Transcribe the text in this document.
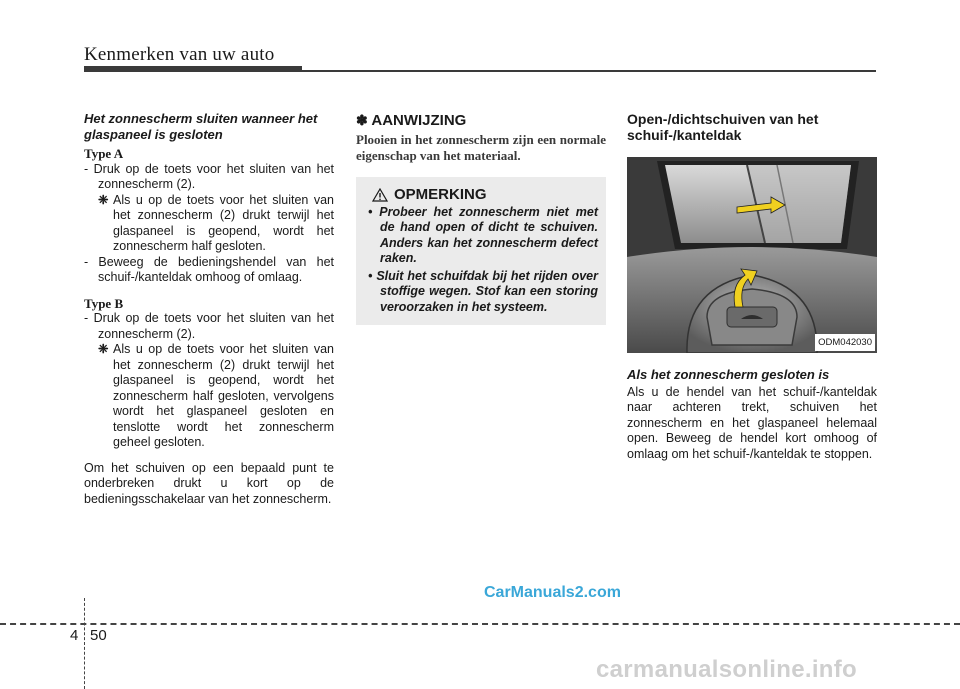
Kenmerken van uw auto
Het zonnescherm sluiten wanneer het glaspaneel is gesloten
Type A

- Druk op de toets voor het sluiten van het zonnescherm (2).

❈ Als u op de toets voor het sluiten van het zonnescherm (2) drukt terwijl het glaspaneel is geopend, wordt het zonnescherm half gesloten.

- Beweeg de bedieningshendel van het schuif-/kanteldak omhoog of omlaag.

Type B

- Druk op de toets voor het sluiten van het zonnescherm (2).

❈ Als u op de toets voor het sluiten van het zonnescherm (2) drukt terwijl het glaspaneel is geopend, wordt het zonnescherm half gesloten, vervolgens wordt het glaspaneel gesloten en tenslotte wordt het zonnescherm geheel gesloten.

Om het schuiven op een bepaald punt te onderbreken drukt u kort op de bedieningsschakelaar van het zonnescherm.

✽ AANWIJZING
Plooien in het zonnescherm zijn een normale eigenschap van het materiaal.
OPMERKING

• Probeer het zonnescherm niet met de hand open of dicht te schuiven. Anders kan het zonnescherm defect raken.

• Sluit het schuifdak bij het rijden over stoffige wegen. Stof kan een storing veroorzaken in het systeem.

Open-/dichtschuiven van het schuif-/kanteldak
ODM042030
Als het zonnescherm gesloten is

Als u de hendel van het schuif-/kanteldak naar achteren trekt, schuiven het zonnescherm en het glaspaneel helemaal open. Beweeg de hendel kort omhoog of omlaag om het schuif-/kanteldak te stoppen.

CarManuals2.com
4 50
carmanualsonline.info
